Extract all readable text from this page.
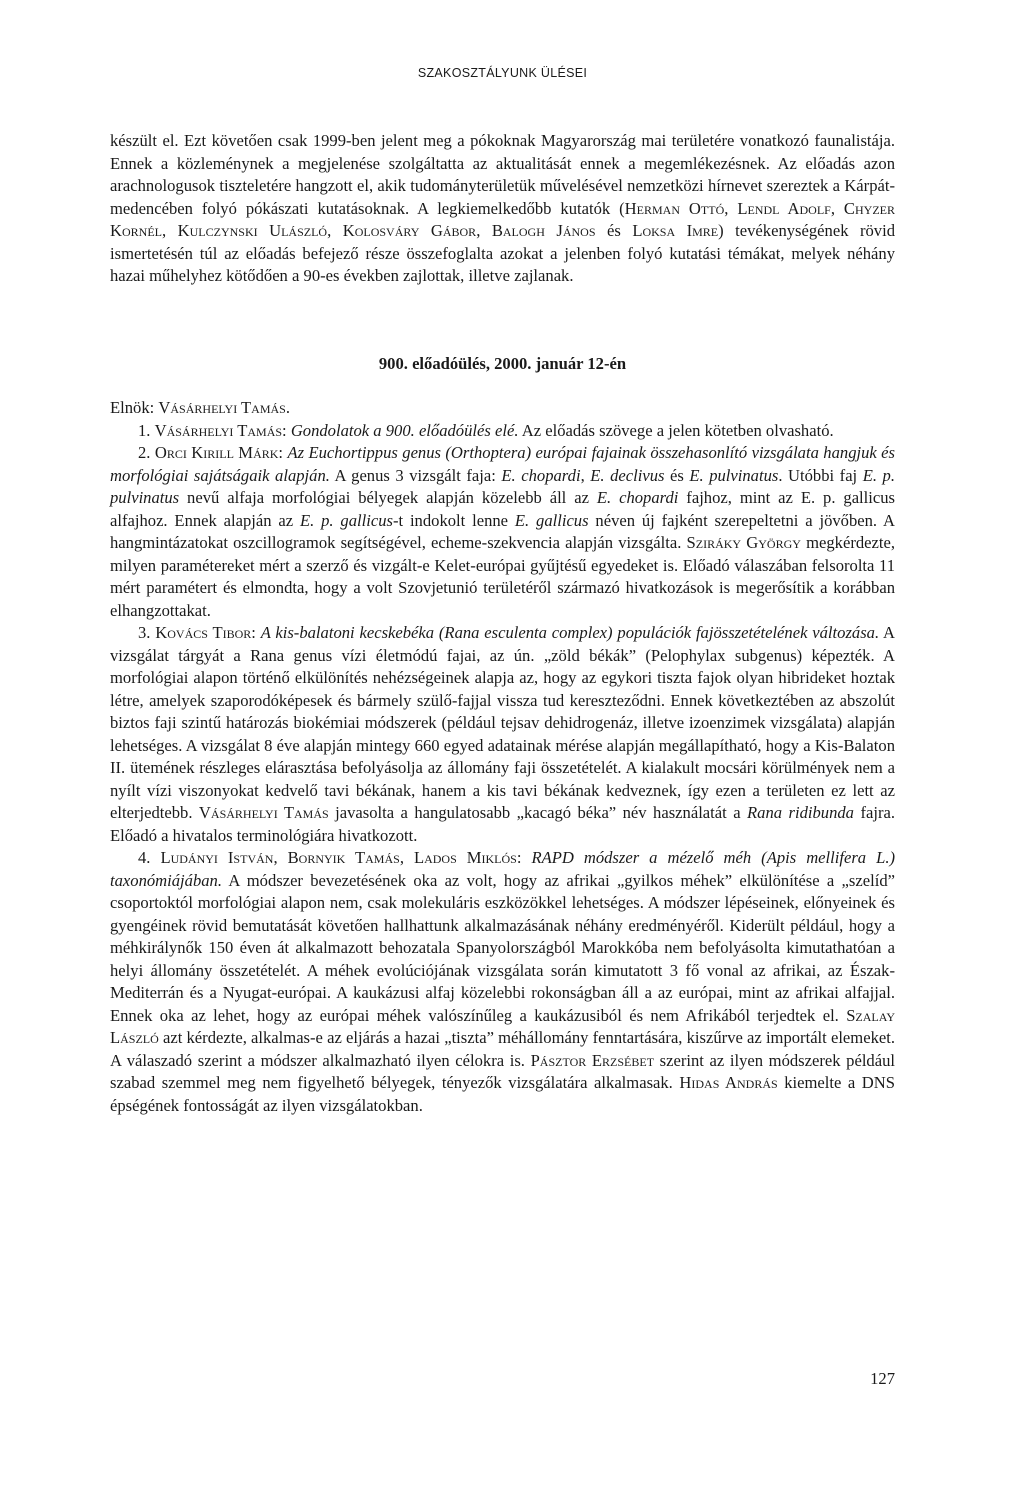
SZAKOSZTÁLYUNK ÜLÉSEI

készült el. Ezt követően csak 1999-ben jelent meg a pókoknak Magyarország mai területére vonatkozó faunalistája. Ennek a közleménynek a megjelenése szolgáltatta az aktualitását ennek a megemlékezésnek. Az előadás azon arachnologusok tiszteletére hangzott el, akik tudományterületük művelésével nemzetközi hírnevet szereztek a Kárpát-medencében folyó pókászati kutatásoknak. A legkiemelkedőbb kutatók (Herman Ottó, Lendl Adolf, Chyzer Kornél, Kulczynski Ulászló, Kolosváry Gábor, Balogh János és Loksa Imre) tevékenységének rövid ismertetésén túl az előadás befejező része összefoglalta azokat a jelenben folyó kutatási témákat, melyek néhány hazai műhelyhez kötődően a 90-es években zajlottak, illetve zajlanak.

900. előadóülés, 2000. január 12-én

Elnök: Vásárhelyi Tamás.

1. Vásárhelyi Tamás: Gondolatok a 900. előadóülés elé. Az előadás szövege a jelen kötetben olvasható.

2. Orci Kirill Márk: Az Euchortippus genus (Orthoptera) európai fajainak összehasonlító vizsgálata hangjuk és morfológiai sajátságaik alapján. A genus 3 vizsgált faja: E. chopardi, E. declivus és E. pulvinatus. Utóbbi faj E. p. pulvinatus nevű alfaja morfológiai bélyegek alapján közelebb áll az E. chopardi fajhoz, mint az E. p. gallicus alfajhoz. Ennek alapján az E. p. gallicus-t indokolt lenne E. gallicus néven új fajként szerepeltetni a jövőben. A hangmintázatokat oszcillogramok segítségével, echeme-szekvencia alapján vizsgálta. Sziráky György megkérdezte, milyen paramétereket mért a szerző és vizgált-e Kelet-európai gyűjtésű egyedeket is. Előadó válaszában felsorolta 11 mért paramétert és elmondta, hogy a volt Szovjetunió területéről származó hivatkozások is megerősítik a korábban elhangzottakat.

3. Kovács Tibor: A kis-balatoni kecskebéka (Rana esculenta complex) populációk fajösszetételének változása. A vizsgálat tárgyát a Rana genus vízi életmódú fajai, az ún. „zöld békák” (Pelophylax subgenus) képezték. A morfológiai alapon történő elkülönítés nehézségeinek alapja az, hogy az egykori tiszta fajok olyan hibrideket hoztak létre, amelyek szaporodóképesek és bármely szülő-fajjal vissza tud kereszteződni. Ennek következtében az abszolút biztos faji szintű határozás biokémiai módszerek (például tejsav dehidrogenáz, illetve izoenzimek vizsgálata) alapján lehetséges. A vizsgálat 8 éve alapján mintegy 660 egyed adatainak mérése alapján megállapítható, hogy a Kis-Balaton II. ütemének részleges elárasztása befolyásolja az állomány faji összetételét. A kialakult mocsári körülmények nem a nyílt vízi viszonyokat kedvelő tavi békának, hanem a kis tavi békának kedveznek, így ezen a területen ez lett az elterjedtebb. Vásárhelyi Tamás javasolta a hangulatosabb „kacagó béka” név használatát a Rana ridibunda fajra. Előadó a hivatalos terminológiára hivatkozott.

4. Ludányi István, Bornyik Tamás, Lados Miklós: RAPD módszer a mézelő méh (Apis mellifera L.) taxonómiájában. A módszer bevezetésének oka az volt, hogy az afrikai „gyilkos méhek” elkülönítése a „szelíd” csoportoktól morfológiai alapon nem, csak molekuláris eszközökkel lehetséges. A módszer lépéseinek, előnyeinek és gyengéinek rövid bemutatását követően hallhattunk alkalmazásának néhány eredményéről. Kiderült például, hogy a méhkirálynők 150 éven át alkalmazott behozatala Spanyolországból Marokkóba nem befolyásolta kimutathatóan a helyi állomány összetételét. A méhek evolúciójának vizsgálata során kimutatott 3 fő vonal az afrikai, az Észak-Mediterrán és a Nyugat-európai. A kaukázusi alfaj közelebbi rokonságban áll a az európai, mint az afrikai alfajjal. Ennek oka az lehet, hogy az európai méhek valószínűleg a kaukázusiból és nem Afrikából terjedtek el. Szalay László azt kérdezte, alkalmas-e az eljárás a hazai „tiszta” méhállomány fenntartására, kiszűrve az importált elemeket. A válaszadó szerint a módszer alkalmazható ilyen célokra is. Pásztor Erzsébet szerint az ilyen módszerek például szabad szemmel meg nem figyelhető bélyegek, tényezők vizsgálatára alkalmasak. Hidas András kiemelte a DNS épségének fontosságát az ilyen vizsgálatokban.

127
